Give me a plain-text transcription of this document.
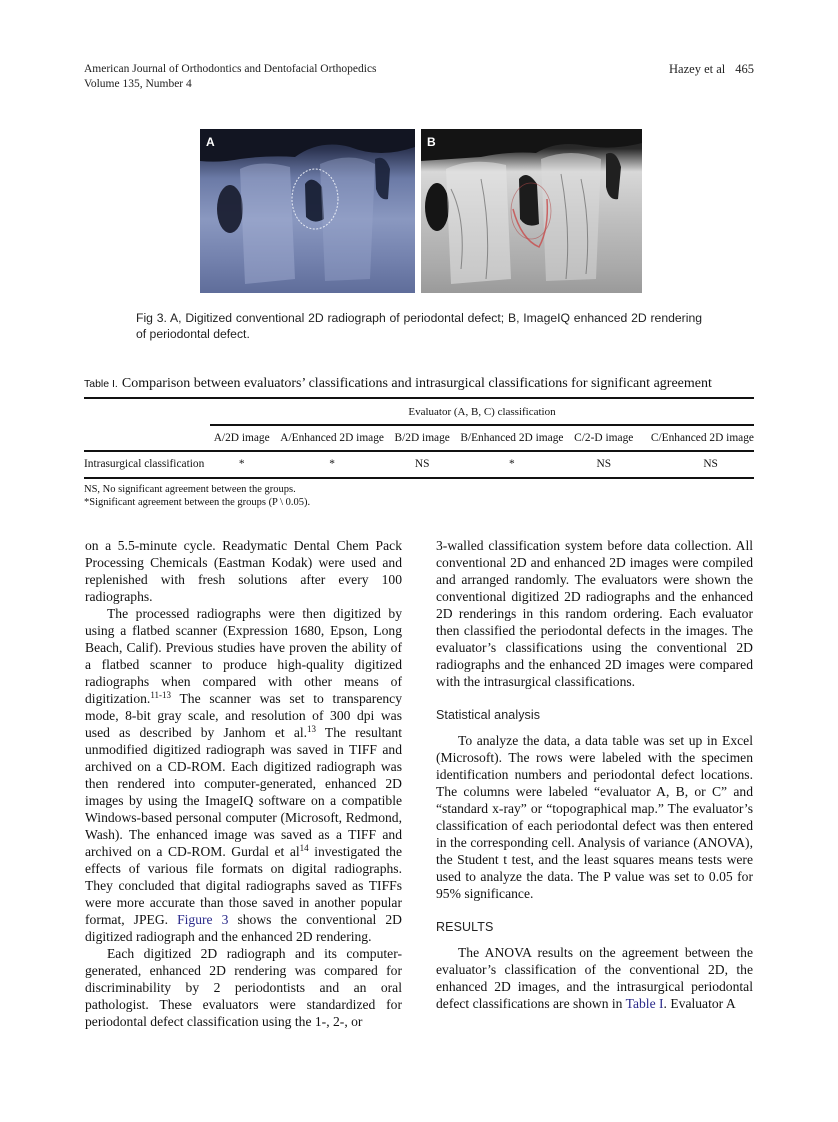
American Journal of Orthodontics and Dentofacial Orthopedics
Volume 135, Number 4
Hazey et al 465
A	B
Fig 3. A, Digitized conventional 2D radiograph of periodontal defect; B, ImageIQ enhanced 2D rendering of periodontal defect.
Table I. Comparison between evaluators’ classifications and intrasurgical classifications for significant agreement
	Evaluator (A, B, C) classification					

	A/2D image	A/Enhanced 2D image	B/2D image	B/Enhanced 2D image	C/2-D image	C/Enhanced 2D image

Intrasurgical classification	*	*	NS	*	NS	NS

NS, No significant agreement between the groups.
*Significant agreement between the groups (P \ 0.05).

on a 5.5-minute cycle. Readymatic Dental Chem Pack Processing Chemicals (Eastman Kodak) were used and replenished with fresh solutions after every 100 radiographs.

The processed radiographs were then digitized by using a flatbed scanner (Expression 1680, Epson, Long Beach, Calif). Previous studies have proven the ability of a flatbed scanner to produce high-quality digitized radiographs when compared with other means of digitization.$^{11-13}$ The scanner was set to transparency mode, 8-bit gray scale, and resolution of 300 dpi was used as described by Janhom et al.$^{13}$ The resultant unmodified digitized radiograph was saved in TIFF and archived on a CD-ROM. Each digitized radiograph was then rendered into computer-generated, enhanced 2D images by using the ImageIQ software on a compatible Windows-based personal computer (Microsoft, Redmond, Wash). The enhanced image was saved as a TIFF and archived on a CD-ROM. Gurdal et $al^{14}$ investigated the effects of various file formats on digital radiographs. They concluded that digital radiographs saved as TIFFs were more accurate than those saved in another popular format, JPEG. Figure 3 shows the conventional 2D digitized radiograph and the enhanced 2D rendering.

Each digitized 2D radiograph and its computer-generated, enhanced 2D rendering was compared for discriminability by 2 periodontists and an oral pathologist. These evaluators were standardized for periodontal defect classification using the 1-, 2-, or

3-walled classification system before data collection. All conventional 2D and enhanced 2D images were compiled and arranged randomly. The evaluators were shown the conventional digitized 2D radiographs and the enhanced 2D renderings in this random ordering. Each evaluator then classified the periodontal defects in the images. The evaluator’s classifications using the conventional 2D radiographs and the enhanced 2D images were compared with the intrasurgical classifications.

Statistical analysis

To analyze the data, a data table was set up in Excel (Microsoft). The rows were labeled with the specimen identification numbers and periodontal defect locations. The columns were labeled “evaluator A, B, or C” and “standard x-ray” or “topographical map.” The evaluator’s classification of each periodontal defect was then entered in the corresponding cell. Analysis of variance (ANOVA), the Student t test, and the least squares means tests were used to analyze the data. The P value was set to 0.05 for 95% significance.

RESULTS

The ANOVA results on the agreement between the evaluator’s classification of the conventional 2D, the enhanced 2D images, and the intrasurgical periodontal defect classifications are shown in Table I. Evaluator A
